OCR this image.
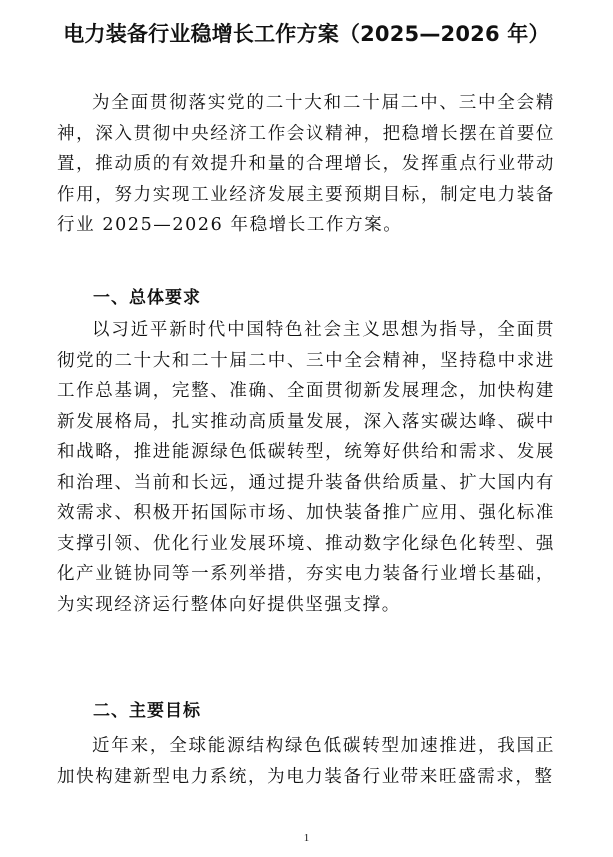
电力装备行业稳增长工作方案（2025—2026 年）
为全面贯彻落实党的二十大和二十届二中、三中全会精神，深入贯彻中央经济工作会议精神，把稳增长摆在首要位置，推动质的有效提升和量的合理增长，发挥重点行业带动作用，努力实现工业经济发展主要预期目标，制定电力装备行业 2025—2026 年稳增长工作方案。
一、总体要求
以习近平新时代中国特色社会主义思想为指导，全面贯彻党的二十大和二十届二中、三中全会精神，坚持稳中求进工作总基调，完整、准确、全面贯彻新发展理念，加快构建新发展格局，扎实推动高质量发展，深入落实碳达峰、碳中和战略，推进能源绿色低碳转型，统筹好供给和需求、发展和治理、当前和长远，通过提升装备供给质量、扩大国内有效需求、积极开拓国际市场、加快装备推广应用、强化标准支撑引领、优化行业发展环境、推动数字化绿色化转型、强化产业链协同等一系列举措，夯实电力装备行业增长基础，为实现经济运行整体向好提供坚强支撑。
二、主要目标
近年来，全球能源结构绿色低碳转型加速推进，我国正加快构建新型电力系统，为电力装备行业带来旺盛需求，整
1
